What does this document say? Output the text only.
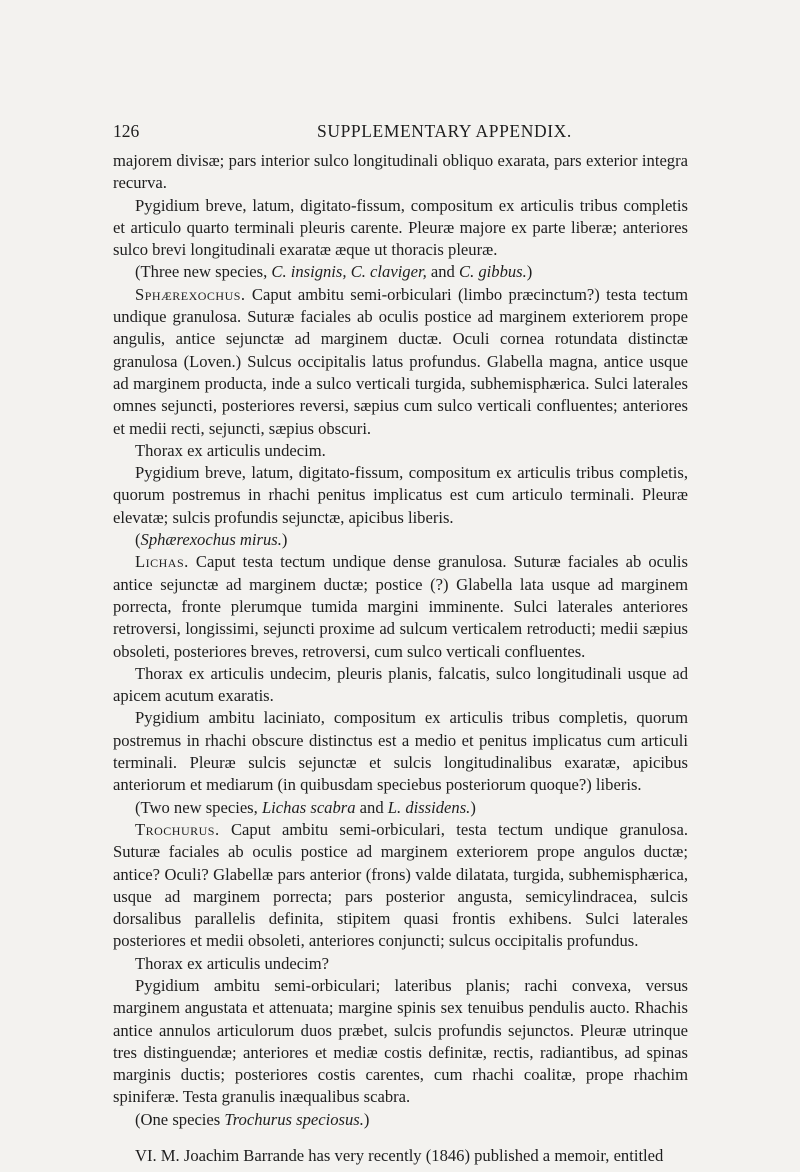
126	SUPPLEMENTARY APPENDIX.

majorem divisæ; pars interior sulco longitudinali obliquo exarata, pars exterior integra recurva.

Pygidium breve, latum, digitato-fissum, compositum ex articulis tribus completis et articulo quarto terminali pleuris carente. Pleuræ majore ex parte liberæ; anteriores sulco brevi longitudinali exaratæ æque ut thoracis pleuræ.

(Three new species, C. insignis, C. claviger, and C. gibbus.)

Sphærexochus. Caput ambitu semi-orbiculari (limbo præcinctum?) testa tectum undique granulosa. Suturæ faciales ab oculis postice ad marginem exteriorem prope angulis, antice sejunctæ ad marginem ductæ. Oculi cornea rotundata distinctæ granulosa (Loven.) Sulcus occipitalis latus profundus. Glabella magna, antice usque ad marginem producta, inde a sulco verticali turgida, subhemisphærica. Sulci laterales omnes sejuncti, posteriores reversi, sæpius cum sulco verticali confluentes; anteriores et medii recti, sejuncti, sæpius obscuri.

Thorax ex articulis undecim.

Pygidium breve, latum, digitato-fissum, compositum ex articulis tribus completis, quorum postremus in rhachi penitus implicatus est cum articulo terminali. Pleuræ elevatæ; sulcis profundis sejunctæ, apicibus liberis.

(Sphærexochus mirus.)

Lichas. Caput testa tectum undique dense granulosa. Suturæ faciales ab oculis antice sejunctæ ad marginem ductæ; postice (?) Glabella lata usque ad marginem porrecta, fronte plerumque tumida margini imminente. Sulci laterales anteriores retroversi, longissimi, sejuncti proxime ad sulcum verticalem retroducti; medii sæpius obsoleti, posteriores breves, retroversi, cum sulco verticali confluentes.

Thorax ex articulis undecim, pleuris planis, falcatis, sulco longitudinali usque ad apicem acutum exaratis.

Pygidium ambitu laciniato, compositum ex articulis tribus completis, quorum postremus in rhachi obscure distinctus est a medio et penitus implicatus cum articuli terminali. Pleuræ sulcis sejunctæ et sulcis longitudinalibus exaratæ, apicibus anteriorum et mediarum (in quibusdam speciebus posteriorum quoque?) liberis.

(Two new species, Lichas scabra and L. dissidens.)

Trochurus. Caput ambitu semi-orbiculari, testa tectum undique granulosa. Suturæ faciales ab oculis postice ad marginem exteriorem prope angulos ductæ; antice? Oculi? Glabellæ pars anterior (frons) valde dilatata, turgida, subhemisphærica, usque ad marginem porrecta; pars posterior angusta, semicylindracea, sulcis dorsalibus parallelis definita, stipitem quasi frontis exhibens. Sulci laterales posteriores et medii obsoleti, anteriores conjuncti; sulcus occipitalis profundus.

Thorax ex articulis undecim?

Pygidium ambitu semi-orbiculari; lateribus planis; rachi convexa, versus marginem angustata et attenuata; margine spinis sex tenuibus pendulis aucto. Rhachis antice annulos articulorum duos præbet, sulcis profundis sejunctos. Pleuræ utrinque tres distinguendæ; anteriores et mediæ costis definitæ, rectis, radiantibus, ad spinas marginis ductis; posteriores costis carentes, cum rhachi coalitæ, prope rhachim spiniferæ. Testa granulis inæqualibus scabra.

(One species Trochurus speciosus.)

VI. M. Joachim Barrande has very recently (1846) published a memoir, entitled
